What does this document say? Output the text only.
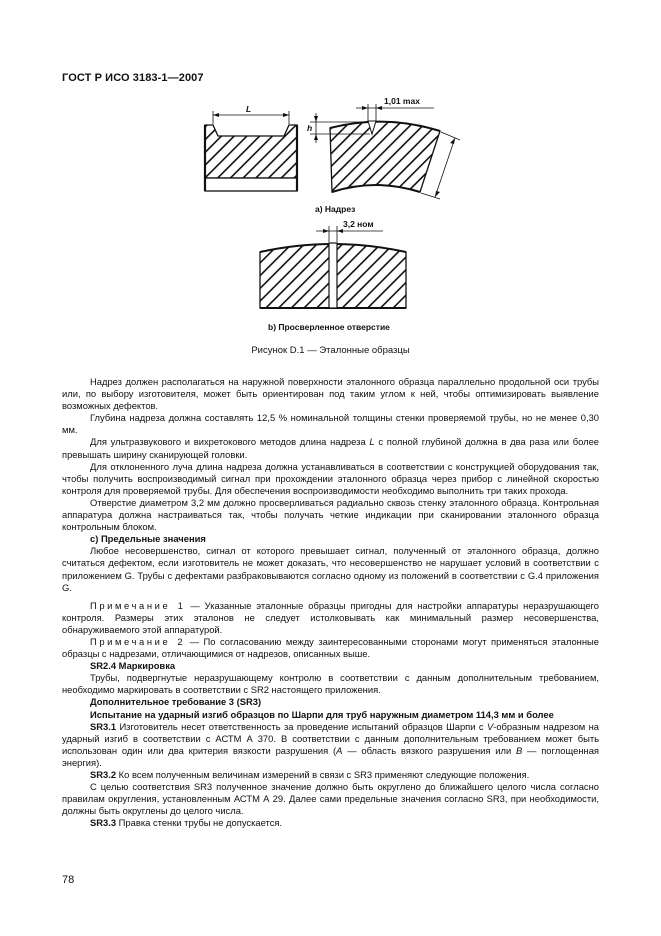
ГОСТ Р ИСО 3183-1—2007
L
h
1,01 max
3,2 ном
a) Надрез
b) Просверленное отверстие
Рисунок D.1 — Эталонные образцы

Надрез должен располагаться на наружной поверхности эталонного образца параллельно продольной оси трубы или, по выбору изготовителя, может быть ориентирован под таким углом к ней, чтобы оптимизировать выявление возможных дефектов.

Глубина надреза должна составлять 12,5 % номинальной толщины стенки проверяемой трубы, но не менее 0,30 мм.

Для ультразвукового и вихретокового методов длина надреза L с полной глубиной должна в два раза или более превышать ширину сканирующей головки.

Для отклоненного луча длина надреза должна устанавливаться в соответствии с конструкцией оборудования так, чтобы получить воспроизводимый сигнал при прохождении эталонного образца через прибор с линейной скоростью контроля для проверяемой трубы. Для обеспечения воспроизводимости необходимо выполнить три таких прохода.

Отверстие диаметром 3,2 мм должно просверливаться радиально сквозь стенку эталонного образца. Контрольная аппаратура должна настраиваться так, чтобы получать четкие индикации при сканировании эталонного образца контрольным блоком.

c) Предельные значения

Любое несовершенство, сигнал от которого превышает сигнал, полученный от эталонного образца, должно считаться дефектом, если изготовитель не может доказать, что несовершенство не нарушает условий в соответствии с приложением G. Трубы с дефектами разбраковываются согласно одному из положений в соответствии с G.4 приложения G.

Примечание 1 — Указанные эталонные образцы пригодны для настройки аппаратуры неразрушающего контроля. Размеры этих эталонов не следует истолковывать как минимальный размер несовершенства, обнаруживаемого этой аппаратурой.

Примечание 2 — По согласованию между заинтересованными сторонами могут применяться эталонные образцы с надрезами, отличающимися от надрезов, описанных выше.

SR2.4 Маркировка

Трубы, подвергнутые неразрушающему контролю в соответствии с данным дополнительным требованием, необходимо маркировать в соответствии с SR2 настоящего приложения.

Дополнительное требование 3 (SR3)

Испытание на ударный изгиб образцов по Шарпи для труб наружным диаметром 114,3 мм и более

SR3.1 Изготовитель несет ответственность за проведение испытаний образцов Шарпи с V-образным надрезом на ударный изгиб в соответствии с АСТМ А 370. В соответствии с данным дополнительным требованием может быть использован один или два критерия вязкости разрушения (A — область вязкого разрушения или B — поглощенная энергия).

SR3.2 Ко всем полученным величинам измерений в связи с SR3 применяют следующие положения.

С целью соответствия SR3 полученное значение должно быть округлено до ближайшего целого числа согласно правилам округления, установленным АСТМ А 29. Далее сами предельные значения согласно SR3, при необходимости, должны быть округлены до целого числа.

SR3.3 Правка стенки трубы не допускается.

78
